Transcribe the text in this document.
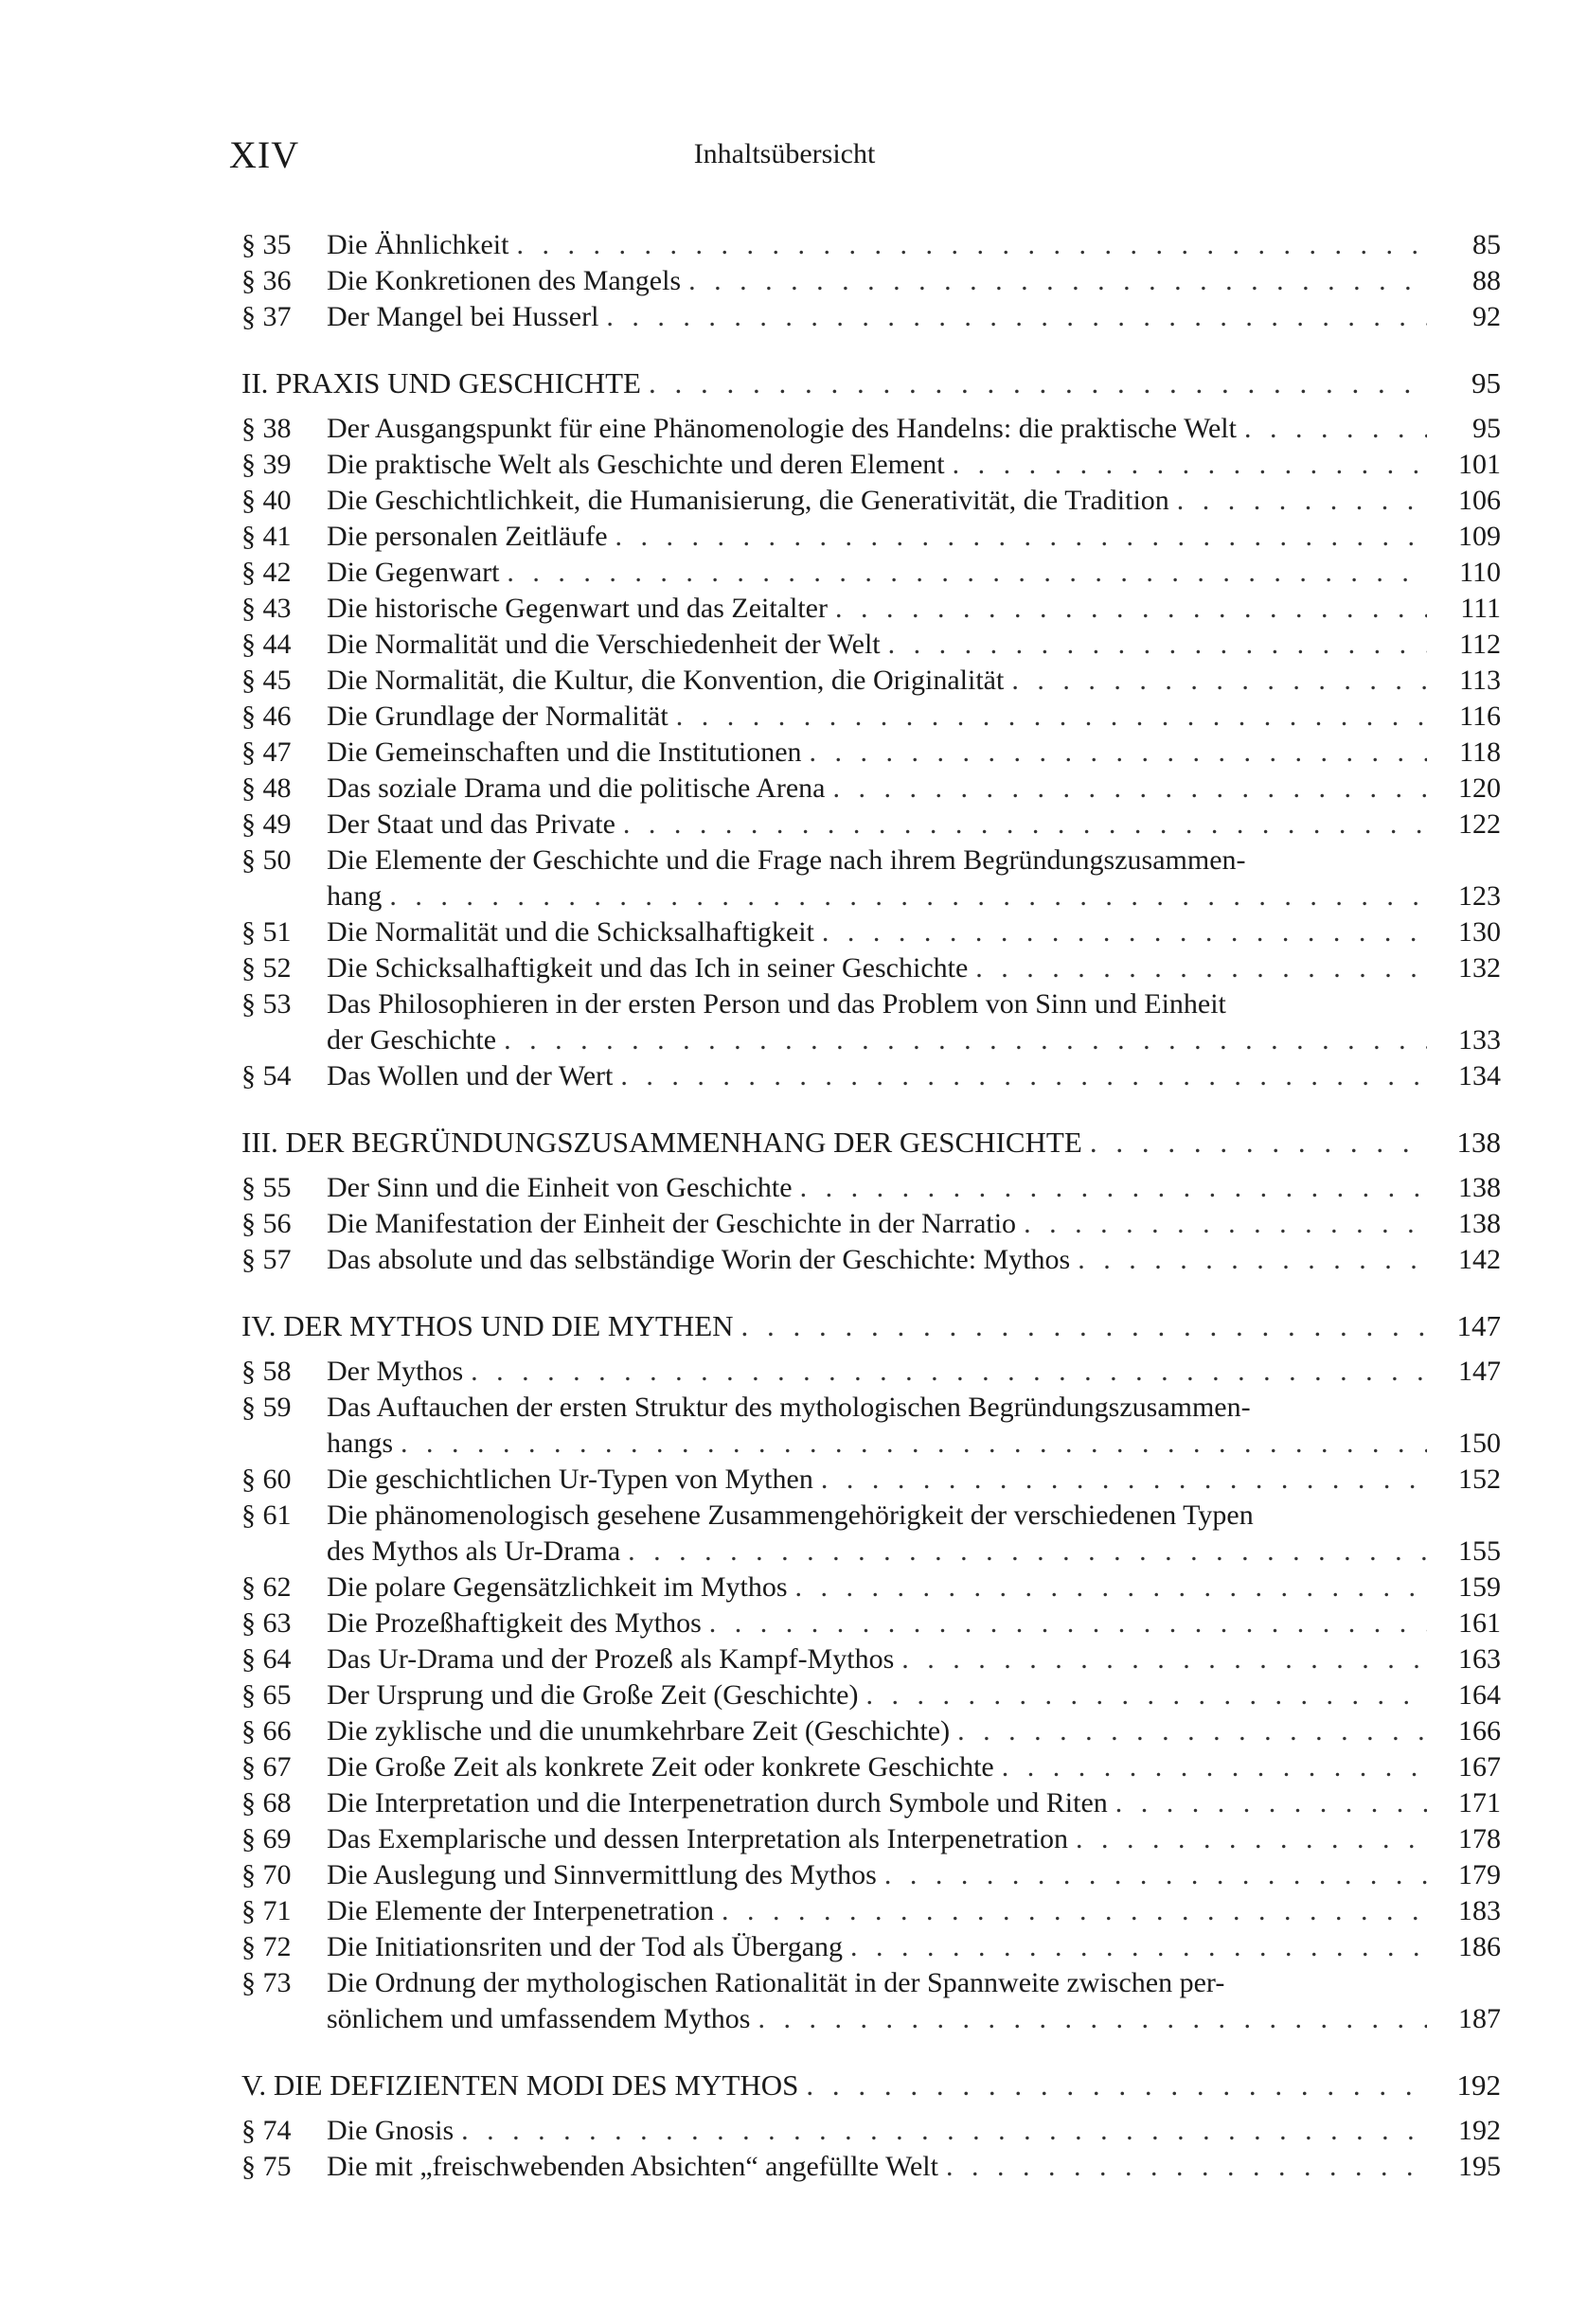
XIV	Inhaltsübersicht
§ 35	Die Ähnlichkeit . . .	85
§ 36	Die Konkretionen des Mangels . . .	88
§ 37	Der Mangel bei Husserl . . .	92
II. PRAXIS UND GESCHICHTE . . .	95
§ 38	Der Ausgangspunkt für eine Phänomenologie des Handelns: die praktische Welt . . .	95
§ 39	Die praktische Welt als Geschichte und deren Element . . .	101
§ 40	Die Geschichtlichkeit, die Humanisierung, die Generativität, die Tradition . . .	106
§ 41	Die personalen Zeitläufe . . .	109
§ 42	Die Gegenwart . . .	110
§ 43	Die historische Gegenwart und das Zeitalter . . .	111
§ 44	Die Normalität und die Verschiedenheit der Welt . . .	112
§ 45	Die Normalität, die Kultur, die Konvention, die Originalität . . .	113
§ 46	Die Grundlage der Normalität . . .	116
§ 47	Die Gemeinschaften und die Institutionen . . .	118
§ 48	Das soziale Drama und die politische Arena . . .	120
§ 49	Der Staat und das Private . . .	122
§ 50	Die Elemente der Geschichte und die Frage nach ihrem Begründungszusammen-
hang . . .	123
§ 51	Die Normalität und die Schicksalhaftigkeit . . .	130
§ 52	Die Schicksalhaftigkeit und das Ich in seiner Geschichte . . .	132
§ 53	Das Philosophieren in der ersten Person und das Problem von Sinn und Einheit
der Geschichte . . .	133
§ 54	Das Wollen und der Wert . . .	134
III. DER BEGRÜNDUNGSZUSAMMENHANG DER GESCHICHTE . . .	138
§ 55	Der Sinn und die Einheit von Geschichte . . .	138
§ 56	Die Manifestation der Einheit der Geschichte in der Narratio . . .	138
§ 57	Das absolute und das selbständige Worin der Geschichte: Mythos . . .	142
IV. DER MYTHOS UND DIE MYTHEN . . .	147
§ 58	Der Mythos . . .	147
§ 59	Das Auftauchen der ersten Struktur des mythologischen Begründungszusammen-
hangs . . .	150
§ 60	Die geschichtlichen Ur-Typen von Mythen . . .	152
§ 61	Die phänomenologisch gesehene Zusammengehörigkeit der verschiedenen Typen
des Mythos als Ur-Drama . . .	155
§ 62	Die polare Gegensätzlichkeit im Mythos . . .	159
§ 63	Die Prozeßhaftigkeit des Mythos . . .	161
§ 64	Das Ur-Drama und der Prozeß als Kampf-Mythos . . .	163
§ 65	Der Ursprung und die Große Zeit (Geschichte) . . .	164
§ 66	Die zyklische und die unumkehrbare Zeit (Geschichte) . . .	166
§ 67	Die Große Zeit als konkrete Zeit oder konkrete Geschichte . . .	167
§ 68	Die Interpretation und die Interpenetration durch Symbole und Riten . . .	171
§ 69	Das Exemplarische und dessen Interpretation als Interpenetration . . .	178
§ 70	Die Auslegung und Sinnvermittlung des Mythos . . .	179
§ 71	Die Elemente der Interpenetration . . .	183
§ 72	Die Initiationsriten und der Tod als Übergang . . .	186
§ 73	Die Ordnung der mythologischen Rationalität in der Spannweite zwischen per-
sönlichem und umfassendem Mythos . . .	187
V. DIE DEFIZIENTEN MODI DES MYTHOS . . .	192
§ 74	Die Gnosis . . .	192
§ 75	Die mit „freischwebenden Absichten“ angefüllte Welt . . .	195
